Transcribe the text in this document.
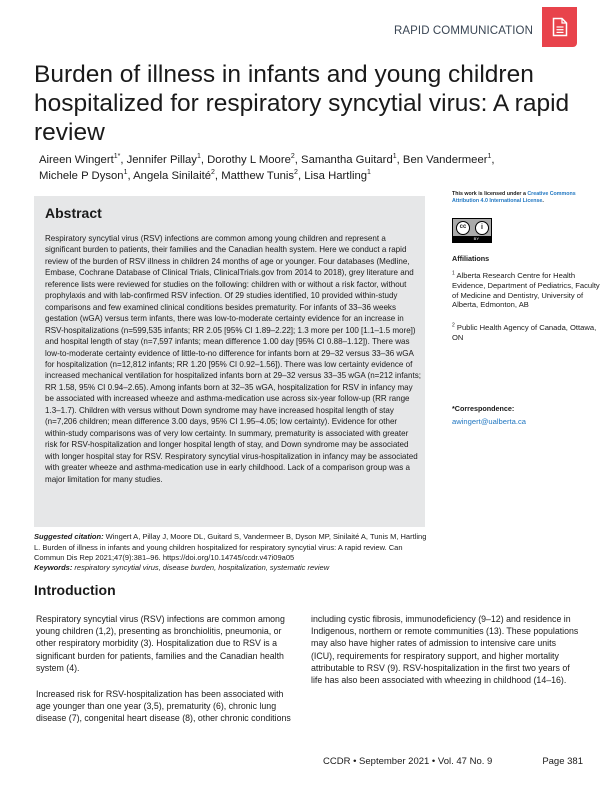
RAPID COMMUNICATION
Burden of illness in infants and young children hospitalized for respiratory syncytial virus: A rapid review
Aireen Wingert$^{1*}$, Jennifer Pillay$^1$, Dorothy L Moore$^2$, Samantha Guitard$^1$, Ben Vandermeer$^1$,
Michele P Dyson$^1$, Angela Sinilaité$^2$, Matthew Tunis$^2$, Lisa Hartling$^1$
Abstract

Respiratory syncytial virus (RSV) infections are common among young children and represent a significant burden to patients, their families and the Canadian health system. Here we conduct a rapid review of the burden of RSV illness in children 24 months of age or younger. Four databases (Medline, Embase, Cochrane Database of Clinical Trials, ClinicalTrials.gov from 2014 to 2018), grey literature and reference lists were reviewed for studies on the following: children with or without a risk factor, without prophylaxis and with lab-confirmed RSV infection. Of 29 studies identified, 10 provided within-study comparisons and few examined clinical conditions besides prematurity. For infants of 33–36 weeks gestation (wGA) versus term infants, there was low-to-moderate certainty evidence for an increase in RSV-hospitalizations (n=599,535 infants; RR 2.05 [95% CI 1.89–2.22]; 1.3 more per 100 [1.1–1.5 more]) and hospital length of stay (n=7,597 infants; mean difference 1.00 day [95% CI 0.88–1.12]). There was low-to-moderate certainty evidence of little-to-no difference for infants born at 29–32 versus 33–36 wGA for hospitalization (n=12,812 infants; RR 1.20 [95% CI 0.92–1.56]). There was low certainty evidence of increased mechanical ventilation for hospitalized infants born at 29–32 versus 33–35 wGA (n=212 infants; RR 1.58, 95% CI 0.94–2.65). Among infants born at 32–35 wGA, hospitalization for RSV in infancy may be associated with increased wheeze and asthma-medication use across six-year follow-up (RR range 1.3–1.7). Children with versus without Down syndrome may have increased hospital length of stay (n=7,206 children; mean difference 3.00 days, 95% CI 1.95–4.05; low certainty). Evidence for other within-study comparisons was of very low certainty. In summary, prematurity is associated with greater risk for RSV-hospitalization and longer hospital length of stay, and Down syndrome may be associated with longer hospital stay for RSV. Respiratory syncytial virus-hospitalization in infancy may be associated with greater wheeze and asthma-medication use in early childhood. Lack of a comparison group was a major limitation for many studies.

This work is licensed under a Creative Commons Attribution 4.0 International License.
cc	i
BY
Affiliations
$^1$ Alberta Research Centre for Health Evidence, Department of Pediatrics, Faculty of Medicine and Dentistry, University of Alberta, Edmonton, AB
$^2$ Public Health Agency of Canada, Ottawa, ON
*Correspondence:
awingert@ualberta.ca

Suggested citation: Wingert A, Pillay J, Moore DL, Guitard S, Vandermeer B, Dyson MP, Sinilaité A, Tunis M, Hartling L. Burden of illness in infants and young children hospitalized for respiratory syncytial virus: A rapid review. Can Commun Dis Rep 2021;47(9):381–96. https://doi.org/10.14745/ccdr.v47i09a05

Keywords: respiratory syncytial virus, disease burden, hospitalization, systematic review

Introduction

Respiratory syncytial virus (RSV) infections are common among young children (1,2), presenting as bronchiolitis, pneumonia, or other respiratory morbidity (3). Hospitalization due to RSV is a significant burden for patients, families and the Canadian health system (4).

Increased risk for RSV-hospitalization has been associated with age younger than one year (3,5), prematurity (6), chronic lung disease (7), congenital heart disease (8), other chronic conditions

including cystic fibrosis, immunodeficiency (9–12) and residence in Indigenous, northern or remote communities (13). These populations may also have higher rates of admission to intensive care units (ICU), requirements for respiratory support, and higher mortality attributable to RSV (9). RSV-hospitalization in the first two years of life has also been associated with wheezing in childhood (14–16).

CCDR • September 2021 • Vol. 47 No. 9	Page 381
